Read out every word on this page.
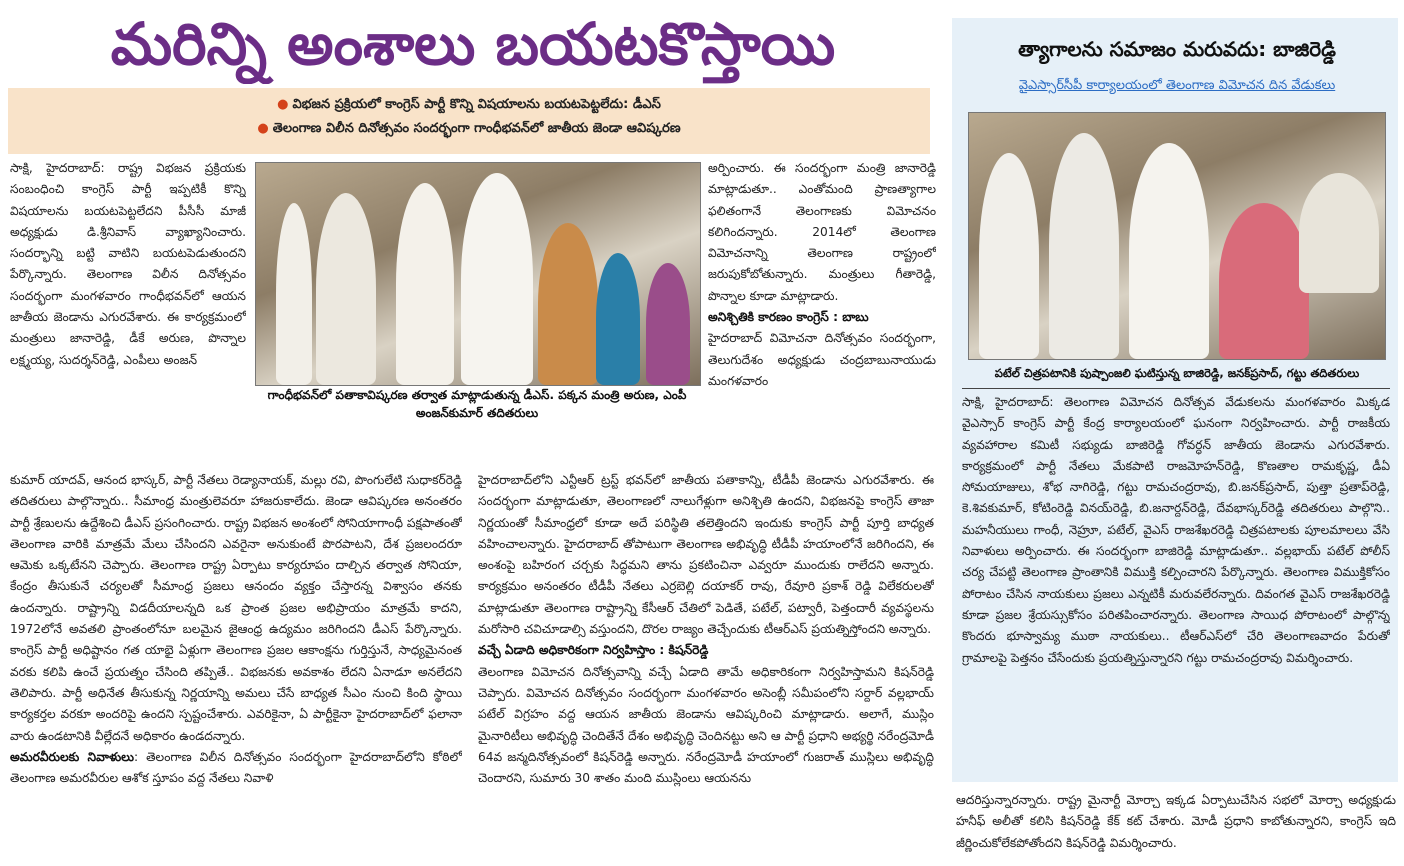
మరిన్ని అంశాలు బయటకొస్తాయి
● విభజన ప్రక్రియలో కాంగ్రెస్ పార్టీ కొన్ని విషయాలను బయటపెట్టలేదు: డీఎస్
● తెలంగాణ విలీన దినోత్సవం సందర్భంగా గాంధీభవన్‌లో జాతీయ జెండా ఆవిష్కరణ

సాక్షి, హైదరాబాద్: రాష్ట్ర విభజన ప్రక్రియకు సంబంధించి కాంగ్రెస్ పార్టీ ఇప్పటికీ కొన్ని విషయాలను బయటపెట్టలేదని పీసీసీ మాజీ అధ్యక్షుడు డి.శ్రీనివాస్ వ్యాఖ్యానించారు. సందర్భాన్ని బట్టి వాటిని బయటపెడుతుందని పేర్కొన్నారు. తెలంగాణ విలీన దినోత్సవం సందర్భంగా మంగళవారం గాంధీభవన్‌లో ఆయన జాతీయ జెండాను ఎగురవేశారు. ఈ కార్యక్రమంలో మంత్రులు జానారెడ్డి, డీకే అరుణ, పొన్నాల లక్ష్మయ్య, సుదర్శన్‌రెడ్డి, ఎంపీలు అంజన్

గాంధీభవన్‌లో పతాకావిష్కరణ తర్వాత మాట్లాడుతున్న డీఎస్. పక్కన మంత్రి అరుణ, ఎంపీ అంజన్‌కుమార్ తదితరులు

అర్పించారు. ఈ సందర్భంగా మంత్రి జానారెడ్డి మాట్లాడుతూ.. ఎంతోమంది ప్రాణత్యాగాల ఫలితంగానే తెలంగాణకు విమోచనం కలిగిందన్నారు. 2014లో తెలంగాణ విమోచనాన్ని తెలంగాణ రాష్ట్రంలో జరుపుకోబోతున్నారు. మంత్రులు గీతారెడ్డి, పొన్నాల కూడా మాట్లాడారు.

అనిశ్చితికి కారణం కాంగ్రెస్ : బాబు

హైదరాబాద్ విమోచనా దినోత్సవం సందర్భంగా, తెలుగుదేశం అధ్యక్షుడు చంద్రబాబునాయుడు మంగళవారం

కుమార్ యాదవ్, ఆనంద భాస్కర్, పార్టీ నేతలు రెడ్యానాయక్, మల్లు రవి, పొంగులేటి సుధాకర్‌రెడ్డి తదితరులు పాల్గొన్నారు.. సీమాంధ్ర మంత్రులెవరూ హాజరుకాలేదు. జెండా ఆవిష్కరణ అనంతరం పార్టీ శ్రేణులను ఉద్దేశించి డీఎస్ ప్రసంగించారు. రాష్ట్ర విభజన అంశంలో సోనియాగాంధీ పక్షపాతంతో తెలంగాణ వారికి మాత్రమే మేలు చేసిందని ఎవరైనా అనుకుంటే పొరపాటని, దేశ ప్రజలందరూ ఆమెకు ఒక్కటేనని చెప్పారు. తెలంగాణ రాష్ట్ర ఏర్పాటు కార్యరూపం దాల్చిన తర్వాత సోనియా, కేంద్రం తీసుకునే చర్యలతో సీమాంధ్ర ప్రజలు ఆనందం వ్యక్తం చేస్తారన్న విశ్వాసం తనకు ఉందన్నారు. రాష్ట్రాన్ని విడదీయాలన్నది ఒక ప్రాంత ప్రజల అభిప్రాయం మాత్రమే కాదని, 1972లోనే అవతలి ప్రాంతంలోనూ బలమైన జైఆంధ్ర ఉద్యమం జరిగిందని డీఎస్ పేర్కొన్నారు. కాంగ్రెస్ పార్టీ అధిష్టానం గత యాభై ఏళ్లుగా తెలంగాణ ప్రజల ఆకాంక్షను గుర్తిస్తునే, సాధ్యమైనంత వరకు కలిపి ఉంచే ప్రయత్నం చేసింది తప్పితే.. విభజనకు అవకాశం లేదని ఏనాడూ అనలేదని తెలిపారు. పార్టీ అధినేత తీసుకున్న నిర్ణయాన్ని అమలు చేసే బాధ్యత సీఎం నుంచి కింది స్థాయి కార్యకర్తల వరకూ అందరిపై ఉందని స్పష్టంచేశారు. ఎవరికైనా, ఏ పార్టీకైనా హైదరాబాద్‌లో ఫలానా వారు ఉండటానికి వీల్లేదనే అధికారం ఉండదన్నారు.

అమరవీరులకు నివాళులు: తెలంగాణ విలీన దినోత్సవం సందర్భంగా హైదరాబాద్‌లోని కోఠిలో తెలంగాణ అమరవీరుల ఆశోక స్తూపం వద్ద నేతలు నివాళి

హైదరాబాద్‌లోని ఎన్టీఆర్ ట్రస్ట్ భవన్‌లో జాతీయ పతాకాన్ని, టీడీపీ జెండాను ఎగురవేశారు. ఈ సందర్భంగా మాట్లాడుతూ, తెలంగాణలో నాలుగేళ్లుగా అనిశ్చితి ఉందని, విభజనపై కాంగ్రెస్ తాజా నిర్ణయంతో సీమాంధ్రలో కూడా అదే పరిస్థితి తలెత్తిందని ఇందుకు కాంగ్రెస్ పార్టీ పూర్తి బాధ్యత వహించాలన్నారు. హైదరాబాద్ తోపాటుగా తెలంగాణ అభివృద్ధి టీడీపీ హయాంలోనే జరిగిందని, ఈ అంశంపై బహిరంగ చర్చకు సిద్ధమని తాను ప్రకటించినా ఎవ్వరూ ముందుకు రాలేదని అన్నారు. కార్యక్రమం అనంతరం టీడీపీ నేతలు ఎర్రబెల్లి దయాకర్ రావు, రేవూరి ప్రకాశ్ రెడ్డి విలేకరులతో మాట్లాడుతూ తెలంగాణ రాష్ట్రాన్ని కేసీఆర్ చేతిలో పెడితే, పటేల్, పట్వారీ, పెత్తందారీ వ్యవస్థలను మరోసారి చవిచూడాల్సి వస్తుందని, దొరల రాజ్యం తెచ్చేందుకు టీఆర్‌ఎస్ ప్రయత్నిస్తోందని అన్నారు.

వచ్చే ఏడాది అధికారికంగా నిర్వహిస్తాం : కిషన్‌రెడ్డి

తెలంగాణ విమోచన దినోత్సవాన్ని వచ్చే ఏడాది తామే అధికారికంగా నిర్వహిస్తామని కిషన్‌రెడ్డి చెప్పారు. విమోచన దినోత్సవం సందర్భంగా మంగళవారం అసెంబ్లీ సమీపంలోని సర్దార్ వల్లభాయ్ పటేల్ విగ్రహం వద్ద ఆయన జాతీయ జెండాను ఆవిష్కరించి మాట్లాడారు. అలాగే, ముస్లిం మైనారిటీలు అభివృద్ధి చెందితేనే దేశం అభివృద్ధి చెందినట్టు అని ఆ పార్టీ ప్రధాని అభ్యర్థి నరేంద్రమోడీ 64వ జన్మదినోత్సవంలో కిషన్‌రెడ్డి అన్నారు. నరేంద్రమోడీ హయాంలో గుజరాత్ ముస్లిలు అభివృద్ధి చెందారని, సుమారు 30 శాతం మంది ముస్లింలు ఆయనను

త్యాగాలను సమాజం మరువదు: బాజిరెడ్డి
వైఎస్సార్‌సీపీ కార్యాలయంలో తెలంగాణ విమోచన దిన వేడుకలు
పటేల్ చిత్రపటానికి పుష్పాంజలి ఘటిస్తున్న బాజిరెడ్డి, జనక్‌ప్రసాద్, గట్టు తదితరులు

సాక్షి, హైదరాబాద్: తెలంగాణ విమోచన దినోత్సవ వేడుకలను మంగళవారం మిక్కడ వైఎస్సార్ కాంగ్రెస్ పార్టీ కేంద్ర కార్యాలయంలో ఘనంగా నిర్వహించారు. పార్టీ రాజకీయ వ్యవహారాల కమిటీ సభ్యుడు బాజిరెడ్డి గోవర్ధన్ జాతీయ జెండాను ఎగురవేశారు. కార్యక్రమంలో పార్టీ నేతలు మేకపాటి రాజమోహన్‌రెడ్డి, కొణతాల రామకృష్ణ, డీఏ సోమయాజులు, శోభ నాగిరెడ్డి, గట్టు రామచంద్రరావు, బి.జనక్‌ప్రసాద్, పుత్తా ప్రతాప్‌రెడ్డి, కె.శివకుమార్, కోటింరెడ్డి వినయ్‌రెడ్డి, బి.జనార్దన్‌రెడ్డి, దేవభాస్కర్‌రెడ్డి తదితరులు పాల్గొని.. మహనీయులు గాంధీ, నెహ్రూ, పటేల్, వైఎస్ రాజశేఖరరెడ్డి చిత్రపటాలకు పూలమాలలు వేసి నివాళులు అర్పించారు. ఈ సందర్భంగా బాజిరెడ్డి మాట్లాడుతూ.. వల్లభాయ్ పటేల్ పోలీస్ చర్య చేపట్టి తెలంగాణ ప్రాంతానికి విముక్తి కల్పించారని పేర్కొన్నారు. తెలంగాణ విముక్తికోసం పోరాటం చేసిన నాయకులు ప్రజలు ఎన్నటికీ మరువలేరన్నారు. దివంగత వైఎస్ రాజశేఖరరెడ్డి కూడా ప్రజల శ్రేయస్సుకోసం పరితపించారన్నారు. తెలంగాణ సాయిధ పోరాటంలో పాల్గొన్న కొందరు భూస్వామ్య ముఠా నాయకులు.. టీఆర్‌ఎస్‌లో చేరి తెలంగాణవాదం పేరుతో గ్రామాలపై పెత్తనం చేసేందుకు ప్రయత్నిస్తున్నారని గట్టు రామచంద్రరావు విమర్శించారు.

ఆదరిస్తున్నారన్నారు. రాష్ట్ర మైనార్టీ మోర్చా ఇక్కడ ఏర్పాటుచేసిన సభలో మోర్చా అధ్యక్షుడు హనీఫ్ అలీతో కలిసి కిషన్‌రెడ్డి కేక్ కట్ చేశారు. మోడీ ప్రధాని కాబోతున్నారని, కాంగ్రెస్ ఇది జీర్ణించుకోలేకపోతోందని కిషన్‌రెడ్డి విమర్శించారు.
